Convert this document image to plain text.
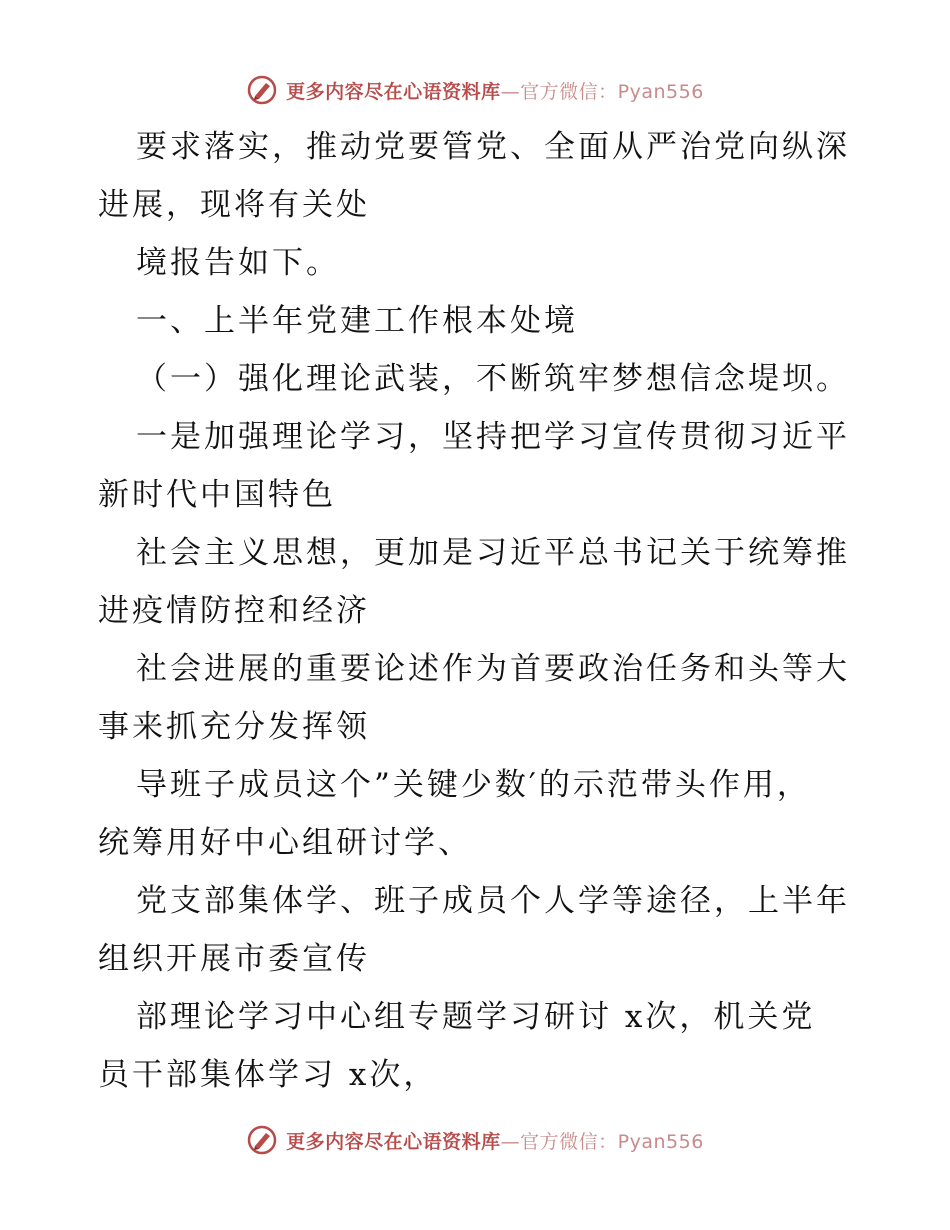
更多内容尽在心语资料库—官方微信：Pyan556
要求落实，推动党要管党、全面从严治党向纵深
进展，现将有关处
境报告如下。
一、上半年党建工作根本处境
（一）强化理论武装，不断筑牢梦想信念堤坝。
一是加强理论学习，坚持把学习宣传贯彻习近平
新时代中国特色
社会主义思想，更加是习近平总书记关于统筹推
进疫情防控和经济
社会进展的重要论述作为首要政治任务和头等大
事来抓充分发挥领
导班子成员这个”关键少数′的示范带头作用，
统筹用好中心组研讨学、
党支部集体学、班子成员个人学等途径，上半年
组织开展市委宣传
部理论学习中心组专题学习研讨 x次，机关党
员干部集体学习 x次，
更多内容尽在心语资料库—官方微信：Pyan556
